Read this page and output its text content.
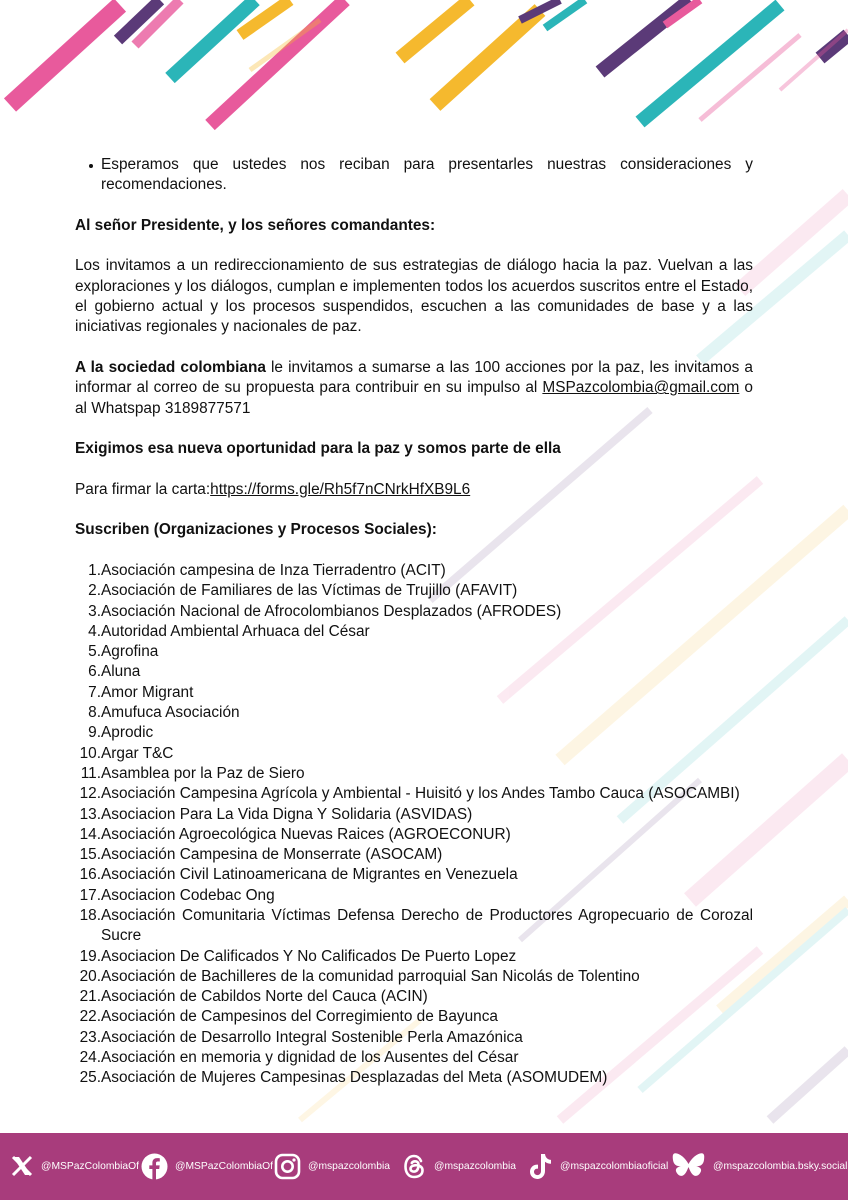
Esperamos que ustedes nos reciban para presentarles nuestras consideraciones y recomendaciones.

Al señor Presidente, y los señores comandantes:

Los invitamos a un redireccionamiento de sus estrategias de diálogo hacia la paz. Vuelvan a las exploraciones y los diálogos, cumplan e implementen todos los acuerdos suscritos entre el Estado, el gobierno actual y los procesos suspendidos, escuchen a las comunidades de base y a las iniciativas regionales y nacionales de paz.

A la sociedad colombiana le invitamos a sumarse a las 100 acciones por la paz, les invitamos a informar al correo de su propuesta para contribuir en su impulso al MSPazcolombia@gmail.com o al Whatspap 3189877571

Exigimos esa nueva oportunidad para la paz y somos parte de ella

Para firmar la carta:https://forms.gle/Rh5f7nCNrkHfXB9L6

Suscriben (Organizaciones y Procesos Sociales):

1. Asociación campesina de Inza Tierradentro (ACIT)
2. Asociación de Familiares de las Víctimas de Trujillo (AFAVIT)
3. Asociación Nacional de Afrocolombianos Desplazados (AFRODES)
4. Autoridad Ambiental Arhuaca del César
5. Agrofina
6. Aluna
7. Amor Migrant
8. Amufuca Asociación
9. Aprodic
10. Argar T&C
11. Asamblea por la Paz de Siero
12. Asociación Campesina Agrícola y Ambiental - Huisitó y los Andes Tambo Cauca (ASOCAMBI)
13. Asociacion Para La Vida Digna Y Solidaria (ASVIDAS)
14. Asociación Agroecológica Nuevas Raices (AGROECONUR)
15. Asociación Campesina de Monserrate (ASOCAM)
16. Asociación Civil Latinoamericana de Migrantes en Venezuela
17. Asociacion Codebac Ong
18. Asociación Comunitaria Víctimas Defensa Derecho de Productores Agropecuario de Corozal Sucre
19. Asociacion De Calificados Y No Calificados De Puerto Lopez
20. Asociación de Bachilleres de la comunidad parroquial San Nicolás de Tolentino
21. Asociación de Cabildos Norte del Cauca (ACIN)
22. Asociación de Campesinos del Corregimiento de Bayunca
23. Asociación de Desarrollo Integral Sostenible Perla Amazónica
24. Asociación en memoria y dignidad de los Ausentes del César
25. Asociación de Mujeres Campesinas Desplazadas del Meta (ASOMUDEM)
@MSPazColombiaOf	@MSPazColombiaOf	@mspazcolombia	@mspazcolombia	@mspazcolombiaoficial	@mspazcolombia.bsky.social
